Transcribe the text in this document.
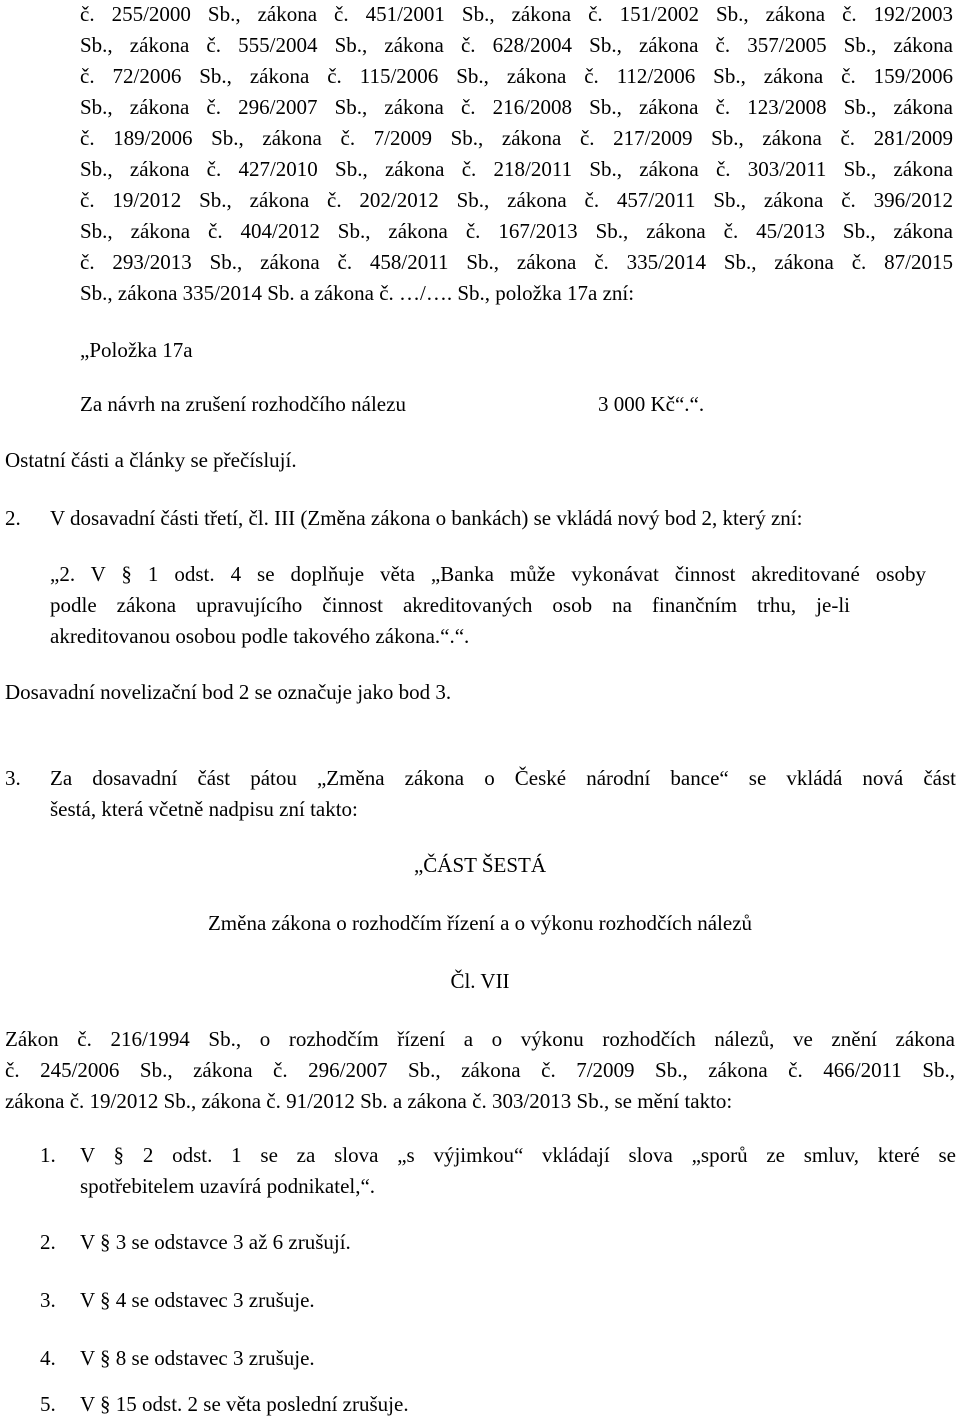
č. 255/2000 Sb., zákona č. 451/2001 Sb., zákona č. 151/2002 Sb., zákona č. 192/2003
Sb., zákona č. 555/2004 Sb., zákona č. 628/2004 Sb., zákona č. 357/2005 Sb., zákona
č. 72/2006 Sb., zákona č. 115/2006 Sb., zákona č. 112/2006 Sb., zákona č. 159/2006
Sb., zákona č. 296/2007 Sb., zákona č. 216/2008 Sb., zákona č. 123/2008 Sb., zákona
č. 189/2006 Sb., zákona č. 7/2009 Sb., zákona č. 217/2009 Sb., zákona č. 281/2009
Sb., zákona č. 427/2010 Sb., zákona č. 218/2011 Sb., zákona č. 303/2011 Sb., zákona
č. 19/2012 Sb., zákona č. 202/2012 Sb., zákona č. 457/2011 Sb., zákona č. 396/2012
Sb., zákona č. 404/2012 Sb., zákona č. 167/2013 Sb., zákona č. 45/2013 Sb., zákona
č. 293/2013 Sb., zákona č. 458/2011 Sb., zákona č. 335/2014 Sb., zákona č. 87/2015
Sb., zákona 335/2014 Sb. a zákona č. …/…. Sb., položka 17a zní:
„Položka 17a
Za návrh na zrušení rozhodčího nálezu	3 000 Kč“.“.
Ostatní části a články se přečíslují.
2. V dosavadní části třetí, čl. III (Změna zákona o bankách) se vkládá nový bod 2, který zní:
„2. V § 1 odst. 4 se doplňuje věta „Banka může vykonávat činnost akreditované osoby
podle zákona upravujícího činnost akreditovaných osob na finančním trhu, je-li
akreditovanou osobou podle takového zákona.“.“.
Dosavadní novelizační bod 2 se označuje jako bod 3.
3. Za dosavadní část pátou „Změna zákona o České národní bance“ se vkládá nová část
šestá, která včetně nadpisu zní takto:
„ČÁST ŠESTÁ
Změna zákona o rozhodčím řízení a o výkonu rozhodčích nálezů
Čl. VII
Zákon č. 216/1994 Sb., o rozhodčím řízení a o výkonu rozhodčích nálezů, ve znění zákona
č. 245/2006 Sb., zákona č. 296/2007 Sb., zákona č. 7/2009 Sb., zákona č. 466/2011 Sb.,
zákona č. 19/2012 Sb., zákona č. 91/2012 Sb. a zákona č. 303/2013 Sb., se mění takto:
1. V § 2 odst. 1 se za slova „s výjimkou“ vkládají slova „sporů ze smluv, které se
spotřebitelem uzavírá podnikatel,“.
2. V § 3 se odstavce 3 až 6 zrušují.
3. V § 4 se odstavec 3 zrušuje.
4. V § 8 se odstavec 3 zrušuje.
5. V § 15 odst. 2 se věta poslední zrušuje.
